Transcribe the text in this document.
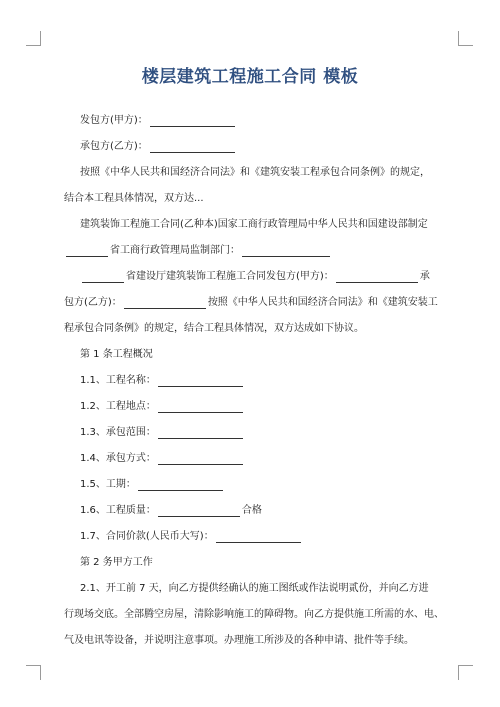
楼层建筑工程施工合同 模板
发包方(甲方)：
承包方(乙方)：
按照《中华人民共和国经济合同法》和《建筑安装工程承包合同条例》的规定，
结合本工程具体情况，双方达...
建筑装饰工程施工合同(乙种本)国家工商行政管理局中华人民共和国建设部制定
省工商行政管理局监制部门：
省建设厅建筑装饰工程施工合同发包方(甲方)：	承
包方(乙方)：	按照《中华人民共和国经济合同法》和《建筑安装工
程承包合同条例》的规定，结合工程具体情况，双方达成如下协议。
第 1 条工程概况
1.1、工程名称：
1.2、工程地点：
1.3、承包范围：
1.4、承包方式：
1.5、工期：
1.6、工程质量：	合格
1.7、合同价款(人民币大写)：
第 2 务甲方工作
2.1、开工前 7 天，向乙方提供经确认的施工图纸或作法说明贰份，并向乙方进
行现场交底。全部腾空房屋，清除影响施工的障碍物。向乙方提供施工所需的水、电、
气及电讯等设备，并说明注意事项。办理施工所涉及的各种申请、批件等手续。
